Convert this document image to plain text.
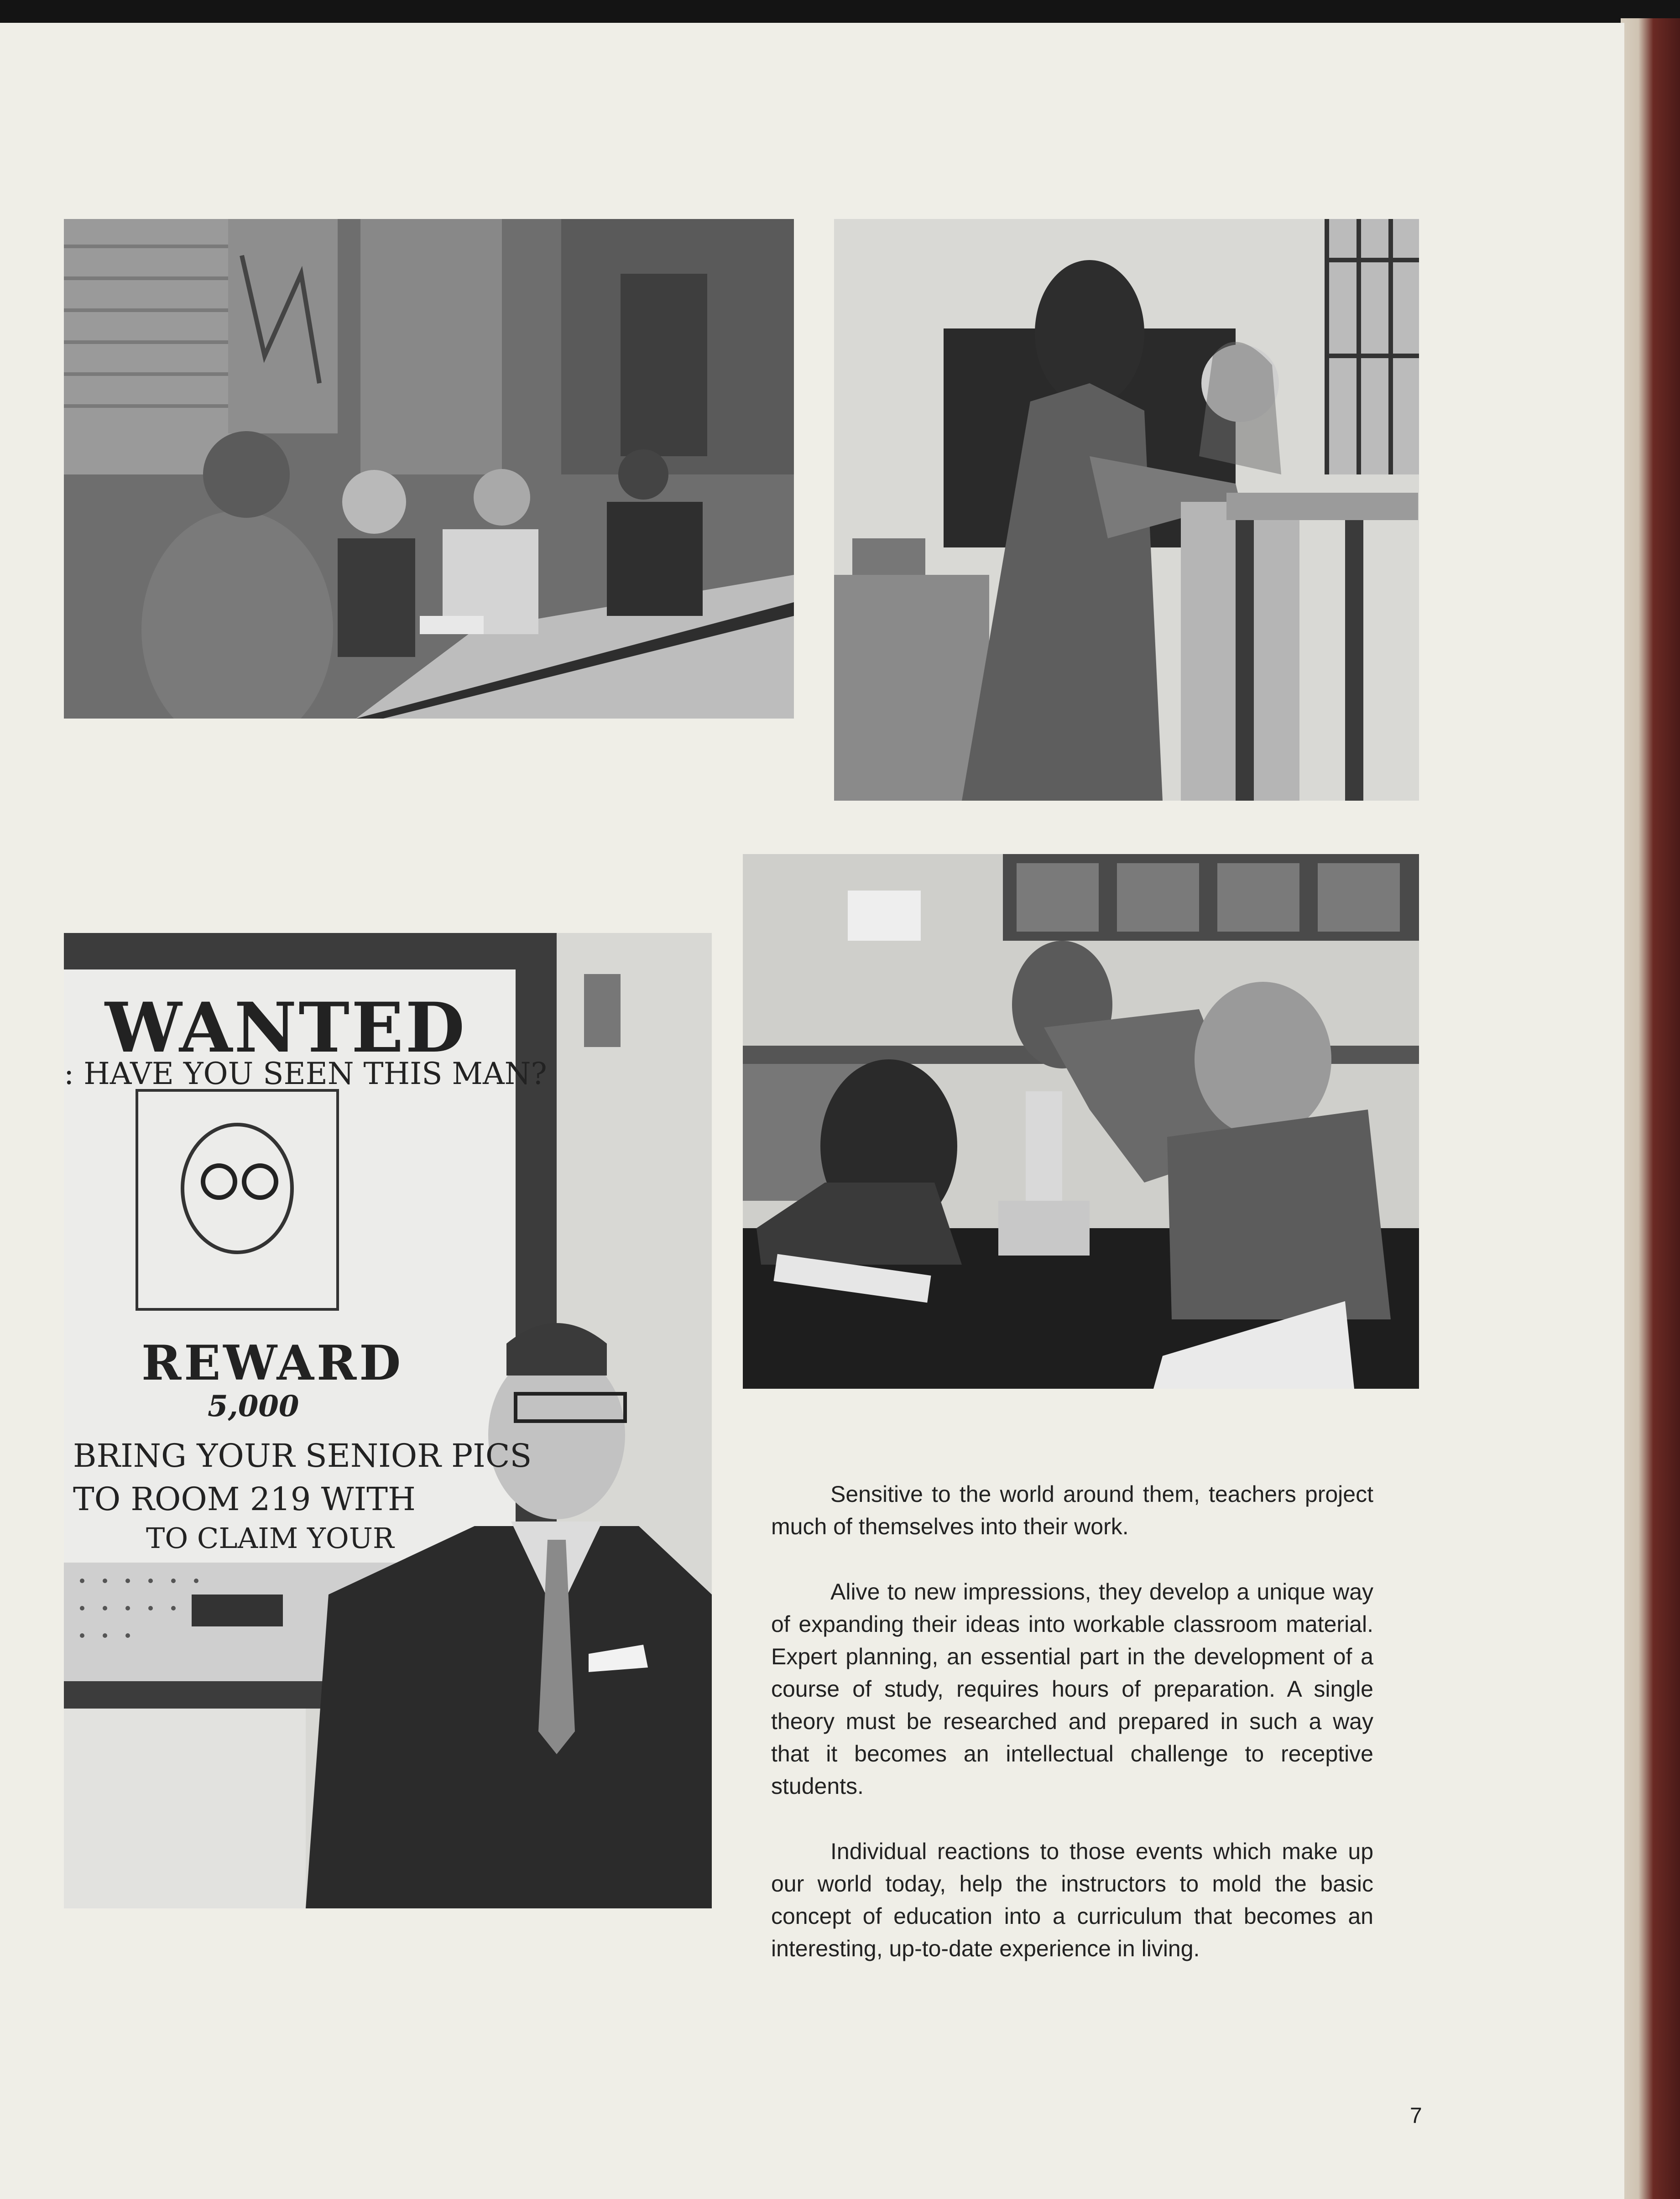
WANTED
: HAVE YOU SEEN THIS MAN?
REWARD
5,000
BRING YOUR SENIOR PICS
TO ROOM 219 WITH
TO CLAIM YOUR

Sensitive to the world around them, teachers project much of themselves into their work.

Alive to new impressions, they develop a unique way of expanding their ideas into workable classroom material. Expert planning, an essential part in the development of a course of study, requires hours of preparation. A single theory must be researched and prepared in such a way that it becomes an intellectual challenge to receptive students.

Individual reactions to those events which make up our world today, help the instructors to mold the basic concept of education into a curriculum that becomes an interesting, up-to-date experience in living.

7
